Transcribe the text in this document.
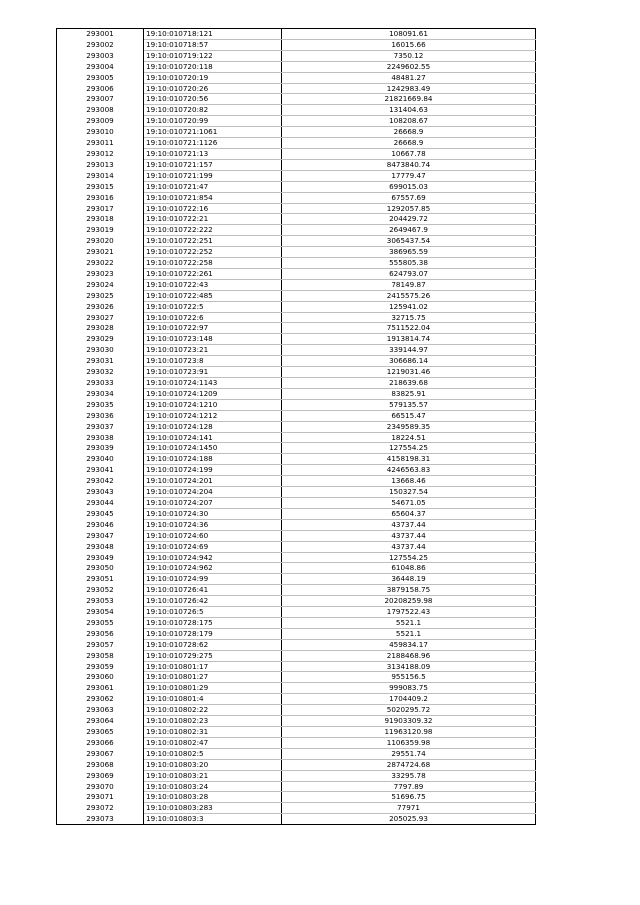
293001	19:10:010718:121	108091.61
293002	19:10:010718:57	16015.66
293003	19:10:010719:122	7350.12
293004	19:10:010720:118	2249602.55
293005	19:10:010720:19	48481.27
293006	19:10:010720:26	1242983.49
293007	19:10:010720:56	21821669.84
293008	19:10:010720:82	131404.63
293009	19:10:010720:99	108208.67
293010	19:10:010721:1061	26668.9
293011	19:10:010721:1126	26668.9
293012	19:10:010721:13	10667.78
293013	19:10:010721:157	8473840.74
293014	19:10:010721:199	17779.47
293015	19:10:010721:47	699015.03
293016	19:10:010721:854	67557.69
293017	19:10:010722:16	1292057.85
293018	19:10:010722:21	204429.72
293019	19:10:010722:222	2649467.9
293020	19:10:010722:251	3065437.54
293021	19:10:010722:252	386965.59
293022	19:10:010722:258	555805.38
293023	19:10:010722:261	624793.07
293024	19:10:010722:43	78149.87
293025	19:10:010722:485	2415575.26
293026	19:10:010722:5	125941.02
293027	19:10:010722:6	32715.75
293028	19:10:010722:97	7511522.04
293029	19:10:010723:148	1913814.74
293030	19:10:010723:21	339144.97
293031	19:10:010723:8	306686.14
293032	19:10:010723:91	1219031.46
293033	19:10:010724:1143	218639.68
293034	19:10:010724:1209	83825.91
293035	19:10:010724:1210	579135.57
293036	19:10:010724:1212	66515.47
293037	19:10:010724:128	2349589.35
293038	19:10:010724:141	18224.51
293039	19:10:010724:1450	127554.25
293040	19:10:010724:188	4158198.31
293041	19:10:010724:199	4246563.83
293042	19:10:010724:201	13668.46
293043	19:10:010724:204	150327.54
293044	19:10:010724:207	54671.05
293045	19:10:010724:30	65604.37
293046	19:10:010724:36	43737.44
293047	19:10:010724:60	43737.44
293048	19:10:010724:69	43737.44
293049	19:10:010724:942	127554.25
293050	19:10:010724:962	61048.86
293051	19:10:010724:99	36448.19
293052	19:10:010726:41	3879158.75
293053	19:10:010726:42	20208259.98
293054	19:10:010726:5	1797522.43
293055	19:10:010728:175	5521.1
293056	19:10:010728:179	5521.1
293057	19:10:010728:62	459834.17
293058	19:10:010729:275	2188468.96
293059	19:10:010801:17	3134188.09
293060	19:10:010801:27	955156.5
293061	19:10:010801:29	999083.75
293062	19:10:010801:4	1704409.2
293063	19:10:010802:22	5020295.72
293064	19:10:010802:23	91903309.32
293065	19:10:010802:31	11963120.98
293066	19:10:010802:47	1106359.98
293067	19:10:010802:5	29551.74
293068	19:10:010803:20	2874724.68
293069	19:10:010803:21	33295.78
293070	19:10:010803:24	7797.89
293071	19:10:010803:28	51696.75
293072	19:10:010803:283	77971
293073	19:10:010803:3	205025.93
